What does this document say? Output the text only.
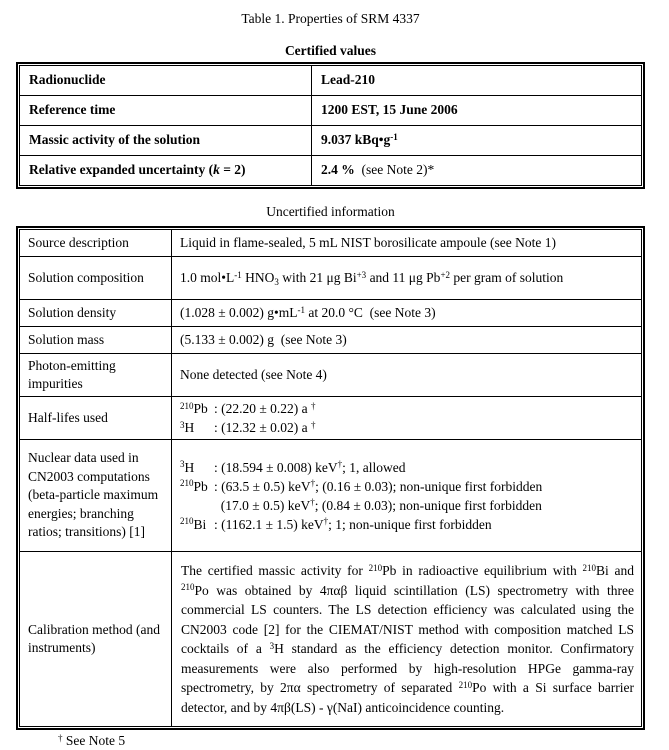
Table 1. Properties of SRM 4337
Certified values
Radionuclide	Lead-210
Reference time	1200 EST, 15 June 2006
Massic activity of the solution	9.037 $kBq•g^{-1}$
Relative expanded uncertainty (k = 2)	2.4 %  (see Note 2)*
Uncertified information
Source description	Liquid in flame-sealed, 5 mL NIST borosilicate ampoule (see Note 1)
Solution composition	1.0 $mol•L^{-1}$ $HNO_3$ with 21 μg $Bi^{+3}$ and 11 μg $Pb^{+2}$ per gram of solution
Solution density	(1.028 ± 0.002) $g•mL^{-1}$ at 20.0 °C  (see Note 3)
Solution mass	(5.133 ± 0.002) g  (see Note 3)
Photon-emitting impurities	None detected (see Note 4)
Half-lifes used	$^{210}$Pb : (22.20 ± 0.22) a †
$^3$H : (12.32 ± 0.02) a †

Nuclear data used in CN2003 computations (beta-particle maximum energies; branching ratios; transitions) [1]	$^3$H : (18.594 ± 0.008) keV†; 1, allowed
$^{210}$Pb : (63.5 ± 0.5) keV†; (0.16 ± 0.03); non-unique first forbidden
(17.0 ± 0.5) keV†; (0.84 ± 0.03); non-unique first forbidden
$^{210}$Bi : (1162.1 ± 1.5) keV†; 1; non-unique first forbidden

Calibration method (and instruments)	The certified massic activity for $^{210}$Pb in radioactive equilibrium with $^{210}$Bi and $^{210}$Po was obtained by 4παβ liquid scintillation (LS) spectrometry with three commercial LS counters. The LS detection efficiency was calculated using the CN2003 code [2] for the CIEMAT/NIST method with composition matched LS cocktails of a $^3$H standard as the efficiency detection monitor. Confirmatory measurements were also performed by high-resolution HPGe gamma-ray spectrometry, by 2πα spectrometry of separated $^{210}$Po with a Si surface barrier detector, and by 4πβ(LS) - γ(NaI) anticoincidence counting.
† See Note 5
